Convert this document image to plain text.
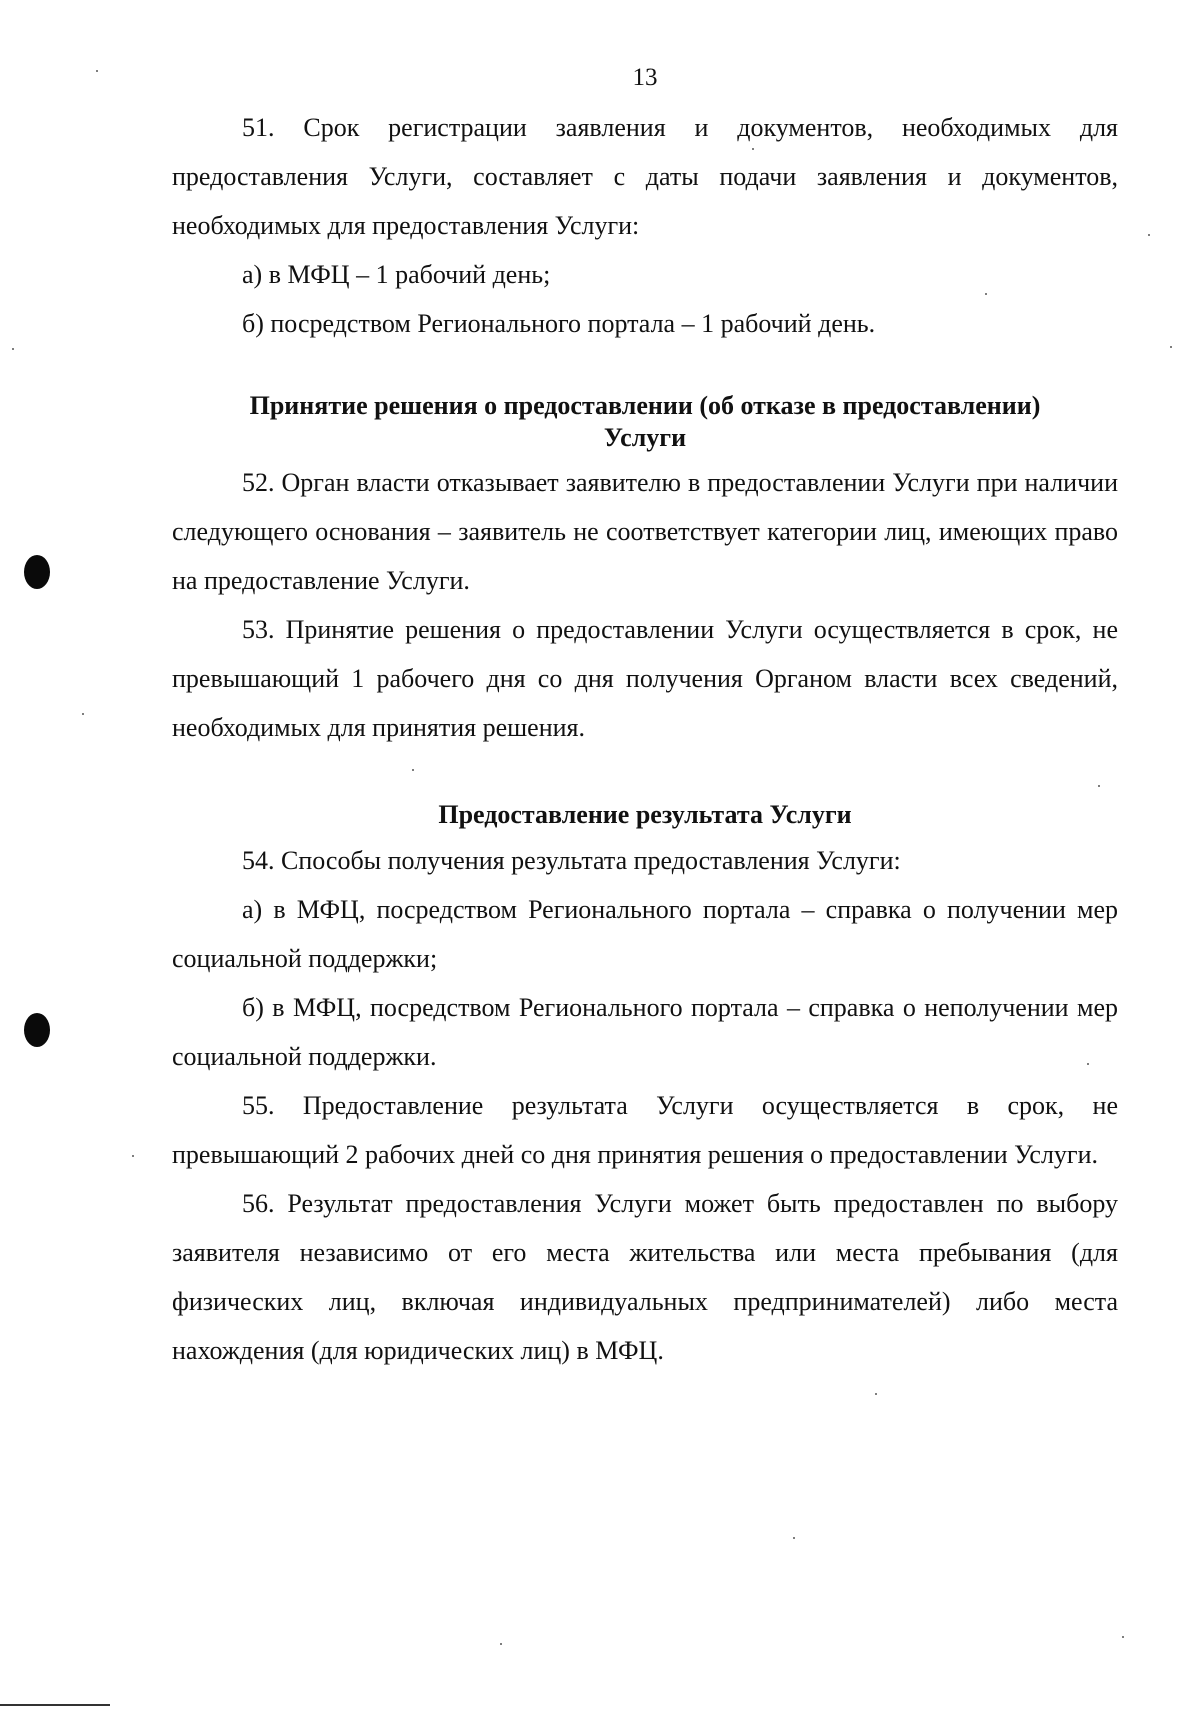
13

51. Срок регистрации заявления и документов, необходимых для предоставления Услуги, составляет с даты подачи заявления и документов, необходимых для предоставления Услуги:

а) в МФЦ – 1 рабочий день;

б) посредством Регионального портала – 1 рабочий день.

Принятие решения о предоставлении (об отказе в предоставлении)
Услуги

52. Орган власти отказывает заявителю в предоставлении Услуги при наличии следующего основания – заявитель не соответствует категории лиц, имеющих право на предоставление Услуги.

53. Принятие решения о предоставлении Услуги осуществляется в срок, не превышающий 1 рабочего дня со дня получения Органом власти всех сведений, необходимых для принятия решения.

Предоставление результата Услуги

54. Способы получения результата предоставления Услуги:

а) в МФЦ, посредством Регионального портала – справка о получении мер социальной поддержки;

б) в МФЦ, посредством Регионального портала – справка о неполучении мер социальной поддержки.

55. Предоставление результата Услуги осуществляется в срок, не превышающий 2 рабочих дней со дня принятия решения о предоставлении Услуги.

56. Результат предоставления Услуги может быть предоставлен по выбору заявителя независимо от его места жительства или места пребывания (для физических лиц, включая индивидуальных предпринимателей) либо места нахождения (для юридических лиц) в МФЦ.
